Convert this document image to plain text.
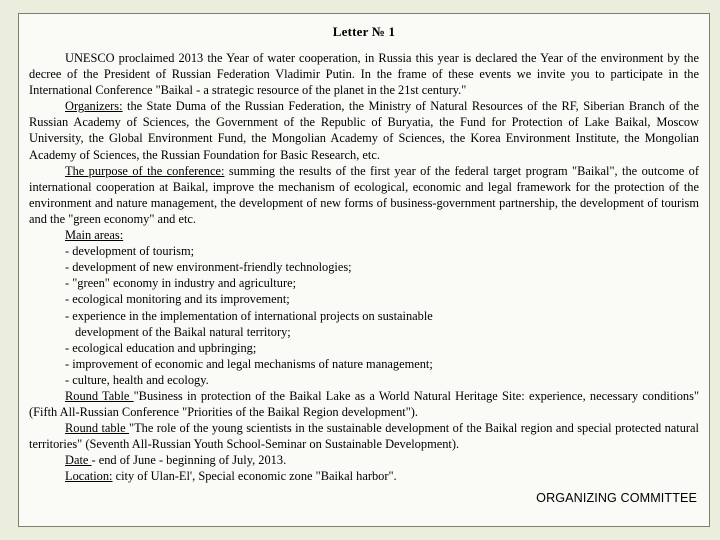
Letter № 1

UNESCO proclaimed 2013 the Year of water cooperation, in Russia this year is declared the Year of the environment by the decree of the President of Russian Federation Vladimir Putin. In the frame of these events we invite you to participate in the International Conference "Baikal - a strategic resource of the planet in the 21st century."

Organizers: the State Duma of the Russian Federation, the Ministry of Natural Resources of the RF, Siberian Branch of the Russian Academy of Sciences, the Government of the Republic of Buryatia, the Fund for Protection of Lake Baikal, Moscow University, the Global Environment Fund, the Mongolian Academy of Sciences, the Korea Environment Institute, the Mongolian Academy of Sciences, the Russian Foundation for Basic Research, etc.

The purpose of the conference: summing the results of the first year of the federal target program "Baikal", the outcome of international cooperation at Baikal, improve the mechanism of ecological, economic and legal framework for the protection of the environment and nature management, the development of new forms of business-government partnership, the development of tourism and the "green economy" and etc.

Main areas:

- development of tourism;
- development of new environment-friendly technologies;
- "green" economy in industry and agriculture;
- ecological monitoring and its improvement;
- experience in the implementation of international projects on sustainable
development of the Baikal natural territory;
- ecological education and upbringing;
- improvement of economic and legal mechanisms of nature management;
- culture, health and ecology.

Round Table "Business in protection of the Baikal Lake as a World Natural Heritage Site: experience, necessary conditions" (Fifth All-Russian Conference "Priorities of the Baikal Region development").

Round table "The role of the young scientists in the sustainable development of the Baikal region and special protected natural territories" (Seventh All-Russian Youth School-Seminar on Sustainable Development).

Date - end of June - beginning of July, 2013.

Location: city of Ulan-El', Special economic zone "Baikal harbor".

ORGANIZING COMMITTEE
